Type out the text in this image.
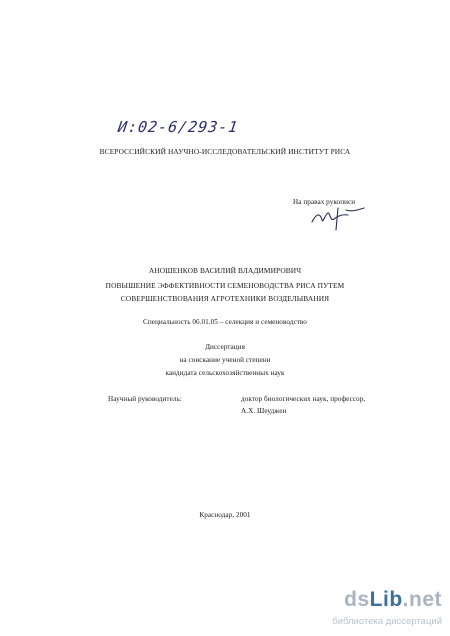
И:02-6/293-1
ВСЕРОССИЙСКИЙ НАУЧНО-ИССЛЕДОВАТЕЛЬСКИЙ ИНСТИТУТ РИСА
На правах рукописи
АНОШЕНКОВ ВАСИЛИЙ ВЛАДИМИРОВИЧ
ПОВЫШЕНИЕ ЭФФЕКТИВНОСТИ СЕМЕНОВОДСТВА РИСА ПУТЕМ
СОВЕРШЕНСТВОВАНИЯ АГРОТЕХНИКИ ВОЗДЕЛЫВАНИЯ
Специальность 06.01.05 – селекция и семеноводство
Диссертация
на соискание ученой степени
кандидата сельскохозяйственных наук
Научный руководитель:	доктор биологических наук, профессор,
А.Х. Шеуджен
Краснодар, 2001
dsLib.net
библиотека диссертаций
